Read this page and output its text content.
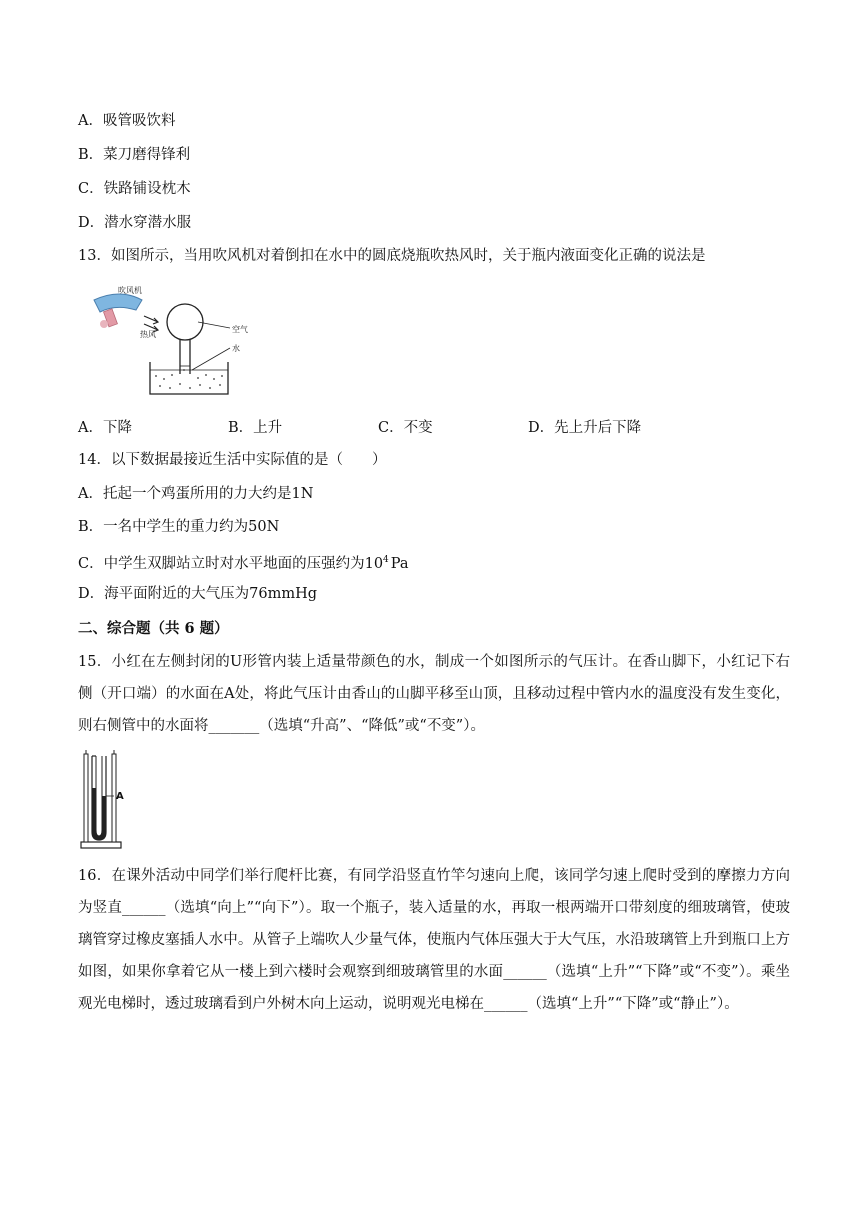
A．吸管吸饮料
B．菜刀磨得锋利
C．铁路铺设枕木
D．潜水穿潜水服
13．如图所示，当用吹风机对着倒扣在水中的圆底烧瓶吹热风时，关于瓶内液面变化正确的说法是
吹风机
热风
空气
水
A．下降	B．上升	C．不变	D．先上升后下降
14．以下数据最接近生活中实际值的是（　　）
A．托起一个鸡蛋所用的力大约是1N
B．一名中学生的重力约为50N
C．中学生双脚站立时对水平地面的压强约为$10^4$ Pa
D．海平面附近的大气压为76mmHg
二、综合题（共 6 题）
15．小红在左侧封闭的U形管内装上适量带颜色的水，制成一个如图所示的气压计。在香山脚下，小红记下右侧（开口端）的水面在A处，将此气压计由香山的山脚平移至山顶，且移动过程中管内水的温度没有发生变化，则右侧管中的水面将_______（选填“升高”、“降低”或“不变”）。
A
16．在课外活动中同学们举行爬杆比赛，有同学沿竖直竹竿匀速向上爬，该同学匀速上爬时受到的摩擦力方向为竖直______（选填“向上”“向下”）。取一个瓶子，装入适量的水，再取一根两端开口带刻度的细玻璃管，使玻璃管穿过橡皮塞插人水中。从管子上端吹人少量气体，使瓶内气体压强大于大气压，水沿玻璃管上升到瓶口上方如图，如果你拿着它从一楼上到六楼时会观察到细玻璃管里的水面______（选填“上升”“下降”或“不变”）。乘坐观光电梯时，透过玻璃看到户外树木向上运动，说明观光电梯在______（选填“上升”“下降”或“静止”）。
